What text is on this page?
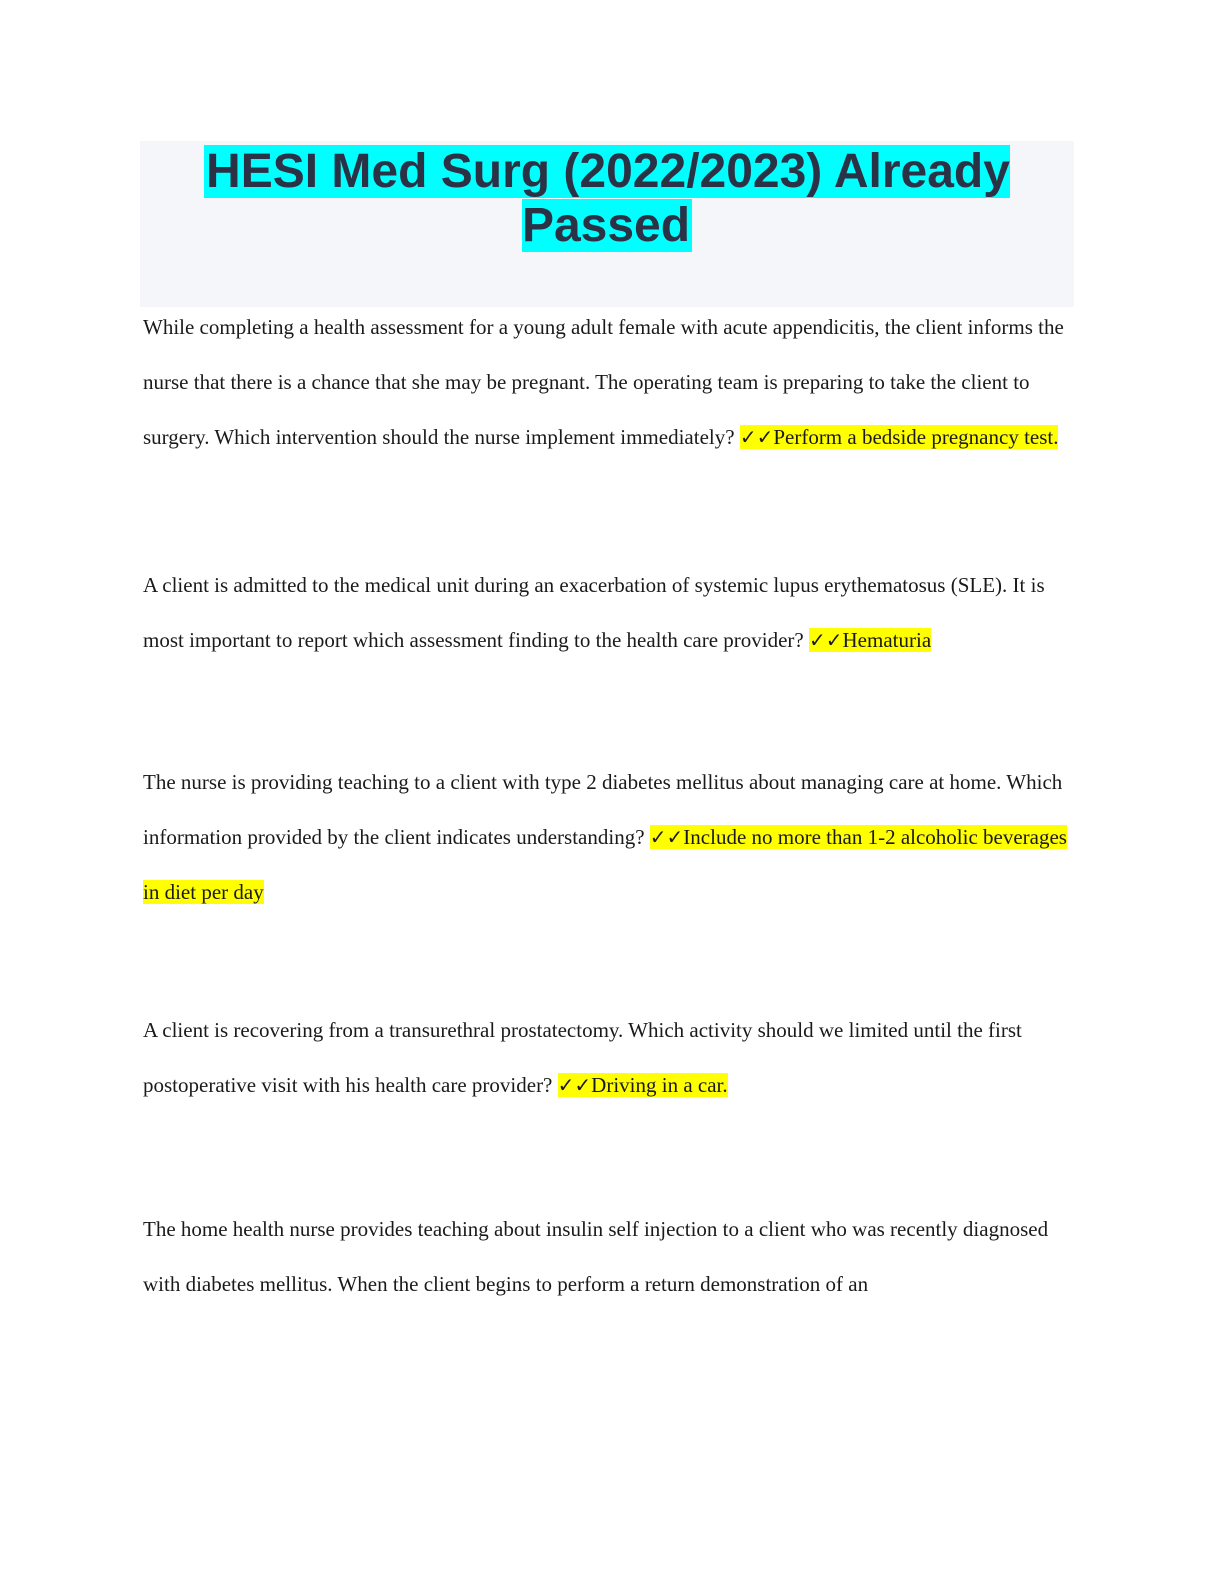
HESI Med Surg (2022/2023) Already Passed

While completing a health assessment for a young adult female with acute appendicitis, the client informs the nurse that there is a chance that she may be pregnant. The operating team is preparing to take the client to surgery. Which intervention should the nurse implement immediately? ✓✓Perform a bedside pregnancy test.

A client is admitted to the medical unit during an exacerbation of systemic lupus erythematosus (SLE). It is most important to report which assessment finding to the health care provider? ✓✓Hematuria

The nurse is providing teaching to a client with type 2 diabetes mellitus about managing care at home. Which information provided by the client indicates understanding? ✓✓Include no more than 1-2 alcoholic beverages in diet per day

A client is recovering from a transurethral prostatectomy. Which activity should we limited until the first postoperative visit with his health care provider? ✓✓Driving in a car.

The home health nurse provides teaching about insulin self injection to a client who was recently diagnosed with diabetes mellitus. When the client begins to perform a return demonstration of an
